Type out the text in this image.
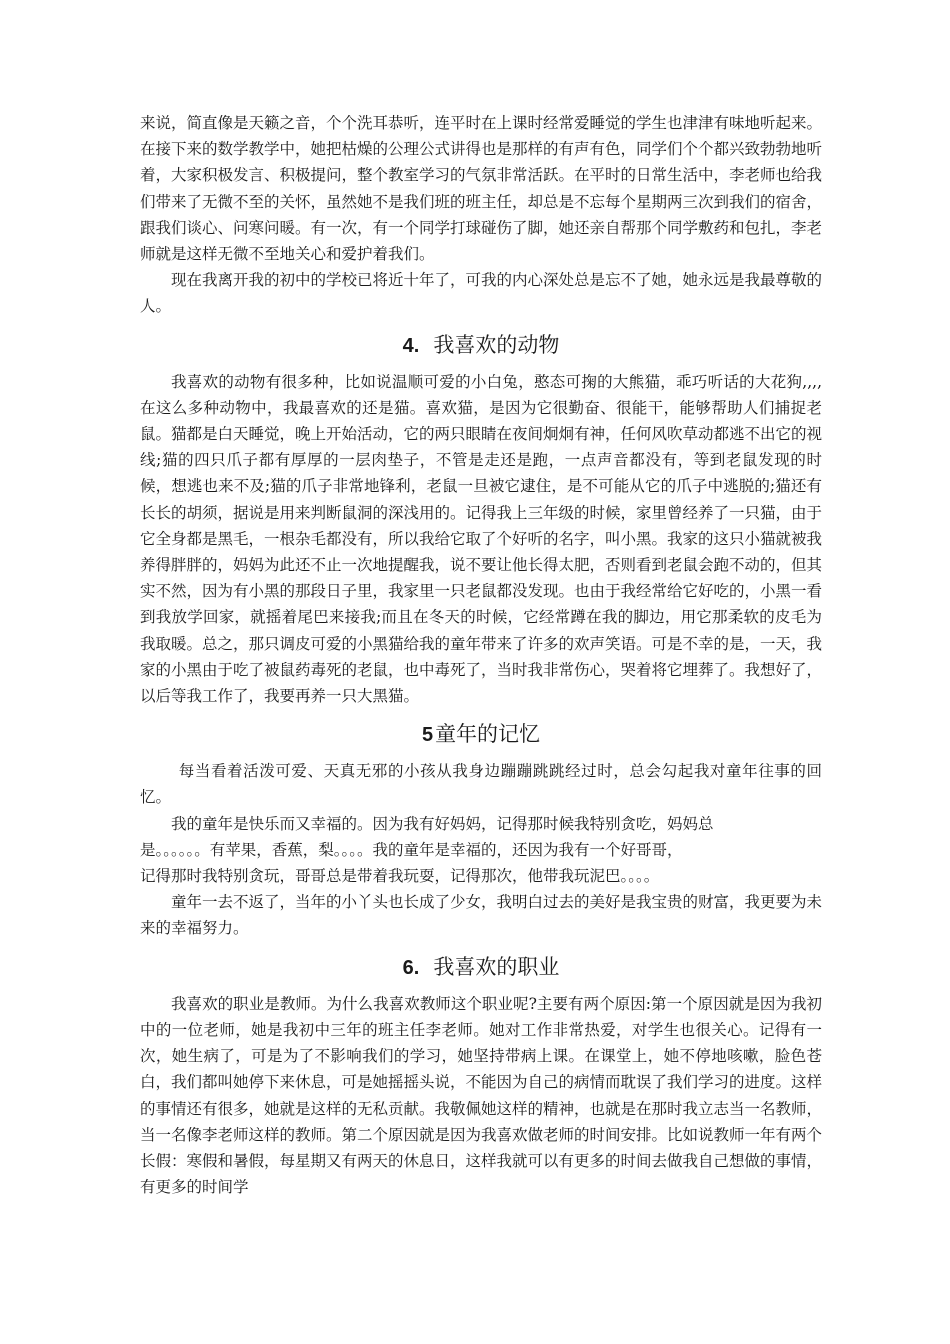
来说，简直像是天籁之音，个个洗耳恭听，连平时在上课时经常爱睡觉的学生也津津有味地听起来。在接下来的数学教学中，她把枯燥的公理公式讲得也是那样的有声有色，同学们个个都兴致勃勃地听着，大家积极发言、积极提问，整个教室学习的气氛非常活跃。在平时的日常生活中，李老师也给我们带来了无微不至的关怀，虽然她不是我们班的班主任，却总是不忘每个星期两三次到我们的宿舍，跟我们谈心、问寒问暖。有一次，有一个同学打球碰伤了脚，她还亲自帮那个同学敷药和包扎，李老师就是这样无微不至地关心和爱护着我们。

现在我离开我的初中的学校已将近十年了，可我的内心深处总是忘不了她，她永远是我最尊敬的人。

4. 我喜欢的动物

我喜欢的动物有很多种，比如说温顺可爱的小白兔，憨态可掬的大熊猫，乖巧听话的大花狗,,,,在这么多种动物中，我最喜欢的还是猫。喜欢猫，是因为它很勤奋、很能干，能够帮助人们捕捉老鼠。猫都是白天睡觉，晚上开始活动，它的两只眼睛在夜间炯炯有神，任何风吹草动都逃不出它的视线;猫的四只爪子都有厚厚的一层肉垫子，不管是走还是跑，一点声音都没有，等到老鼠发现的时候，想逃也来不及;猫的爪子非常地锋利，老鼠一旦被它逮住，是不可能从它的爪子中逃脱的;猫还有长长的胡须，据说是用来判断鼠洞的深浅用的。记得我上三年级的时候，家里曾经养了一只猫，由于它全身都是黑毛，一根杂毛都没有，所以我给它取了个好听的名字，叫小黑。我家的这只小猫就被我养得胖胖的，妈妈为此还不止一次地提醒我，说不要让他长得太肥，否则看到老鼠会跑不动的，但其实不然，因为有小黑的那段日子里，我家里一只老鼠都没发现。也由于我经常给它好吃的，小黑一看到我放学回家，就摇着尾巴来接我;而且在冬天的时候，它经常蹲在我的脚边，用它那柔软的皮毛为我取暖。总之，那只调皮可爱的小黑猫给我的童年带来了许多的欢声笑语。可是不幸的是，一天，我家的小黑由于吃了被鼠药毒死的老鼠，也中毒死了，当时我非常伤心，哭着将它埋葬了。我想好了，以后等我工作了，我要再养一只大黑猫。

5童年的记忆

每当看着活泼可爱、天真无邪的小孩从我身边蹦蹦跳跳经过时，总会勾起我对童年往事的回忆。

我的童年是快乐而又幸福的。因为我有好妈妈，记得那时候我特别贪吃，妈妈总
是。。。。。。有苹果，香蕉，梨。。。。我的童年是幸福的，还因为我有一个好哥哥，
记得那时我特别贪玩，哥哥总是带着我玩耍，记得那次，他带我玩泥巴。。。。

童年一去不返了，当年的小丫头也长成了少女，我明白过去的美好是我宝贵的财富，我更要为未来的幸福努力。

6. 我喜欢的职业

我喜欢的职业是教师。为什么我喜欢教师这个职业呢?主要有两个原因:第一个原因就是因为我初中的一位老师，她是我初中三年的班主任李老师。她对工作非常热爱，对学生也很关心。记得有一次，她生病了，可是为了不影响我们的学习，她坚持带病上课。在课堂上，她不停地咳嗽，脸色苍白，我们都叫她停下来休息，可是她摇摇头说，不能因为自己的病情而耽误了我们学习的进度。这样的事情还有很多，她就是这样的无私贡献。我敬佩她这样的精神，也就是在那时我立志当一名教师，当一名像李老师这样的教师。第二个原因就是因为我喜欢做老师的时间安排。比如说教师一年有两个长假：寒假和暑假，每星期又有两天的休息日，这样我就可以有更多的时间去做我自己想做的事情，有更多的时间学
